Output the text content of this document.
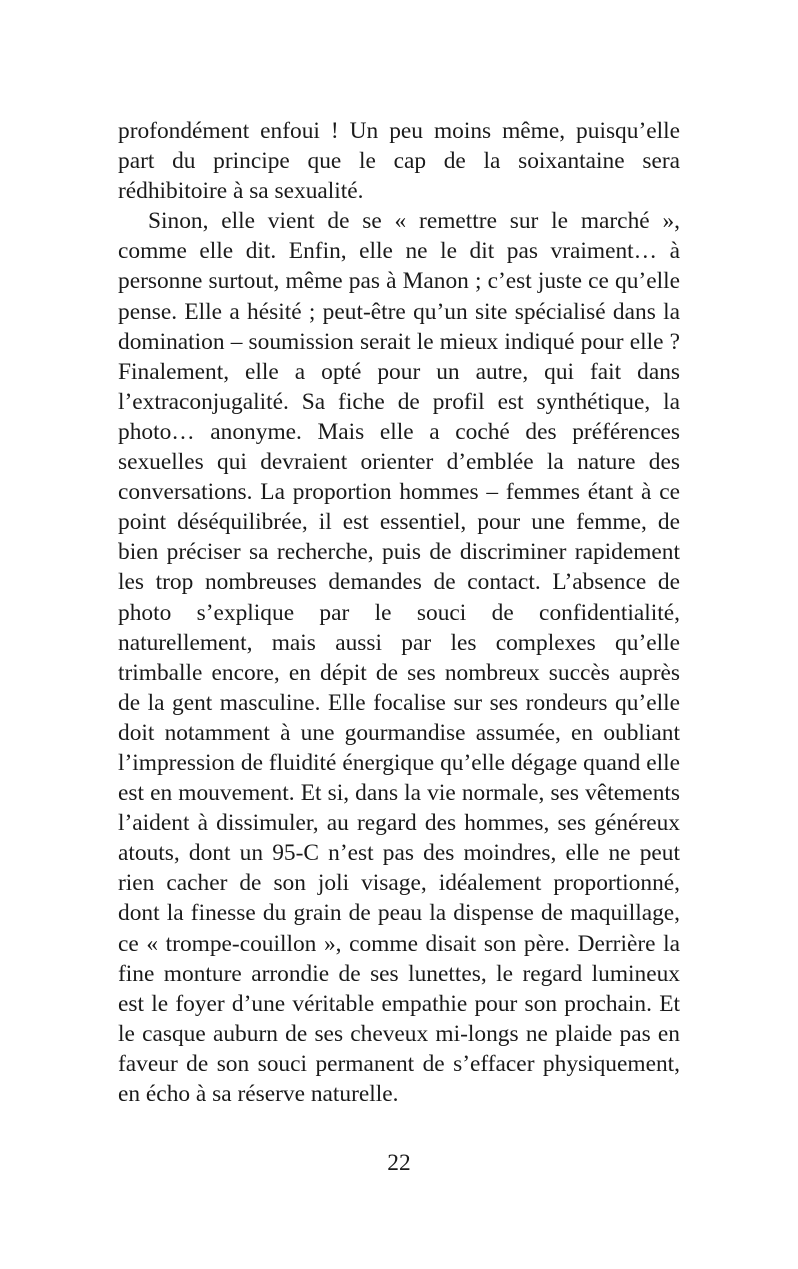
profondément enfoui ! Un peu moins même, puisqu’elle part du principe que le cap de la soixantaine sera rédhibitoire à sa sexualité.

Sinon, elle vient de se « remettre sur le marché », comme elle dit. Enfin, elle ne le dit pas vraiment… à personne surtout, même pas à Manon ; c’est juste ce qu’elle pense. Elle a hésité ; peut-être qu’un site spécialisé dans la domination – soumission serait le mieux indiqué pour elle ? Finalement, elle a opté pour un autre, qui fait dans l’extraconjugalité. Sa fiche de profil est synthétique, la photo… anonyme. Mais elle a coché des préférences sexuelles qui devraient orienter d’emblée la nature des conversations. La proportion hommes – femmes étant à ce point déséquilibrée, il est essentiel, pour une femme, de bien préciser sa recherche, puis de discriminer rapidement les trop nombreuses demandes de contact. L’absence de photo s’explique par le souci de confidentialité, naturellement, mais aussi par les complexes qu’elle trimballe encore, en dépit de ses nombreux succès auprès de la gent masculine. Elle focalise sur ses rondeurs qu’elle doit notamment à une gourmandise assumée, en oubliant l’impression de fluidité énergique qu’elle dégage quand elle est en mouvement. Et si, dans la vie normale, ses vêtements l’aident à dissimuler, au regard des hommes, ses généreux atouts, dont un 95-C n’est pas des moindres, elle ne peut rien cacher de son joli visage, idéalement proportionné, dont la finesse du grain de peau la dispense de maquillage, ce « trompe-couillon », comme disait son père. Derrière la fine monture arrondie de ses lunettes, le regard lumineux est le foyer d’une véritable empathie pour son prochain. Et le casque auburn de ses cheveux mi-longs ne plaide pas en faveur de son souci permanent de s’effacer physiquement, en écho à sa réserve naturelle.

22
